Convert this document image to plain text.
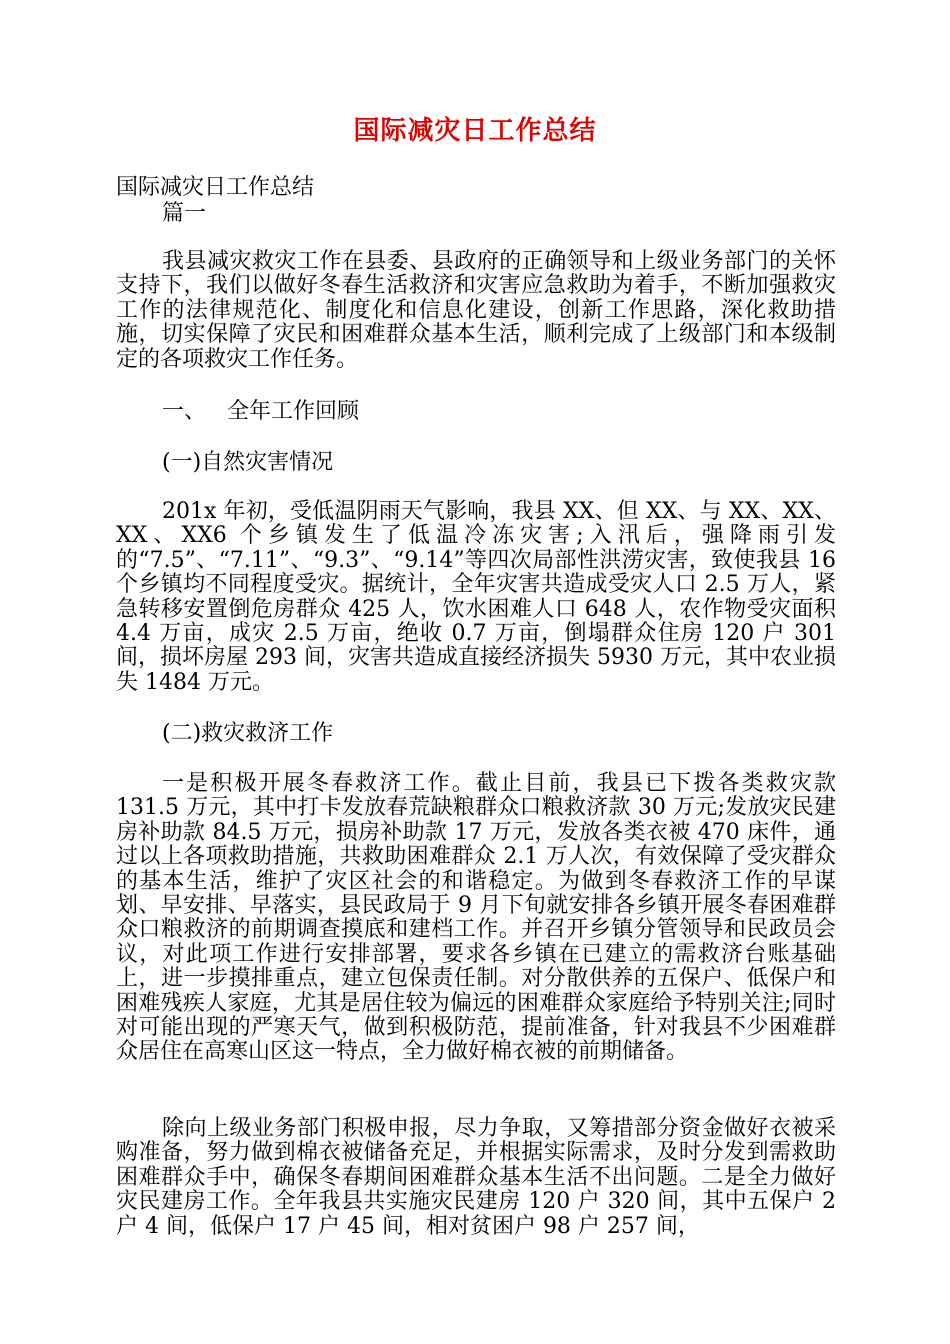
国际减灾日工作总结
国际减灾日工作总结
篇一
我县减灾救灾工作在县委、县政府的正确领导和上级业务部门的关怀支持下，我们以做好冬春生活救济和灾害应急救助为着手，不断加强救灾工作的法律规范化、制度化和信息化建设，创新工作思路，深化救助措施，切实保障了灾民和困难群众基本生活，顺利完成了上级部门和本级制定的各项救灾工作任务。
一、   全年工作回顾
(一)自然灾害情况
201x 年初，受低温阴雨天气影响，我县 XX、但 XX、与 XX、XX、XX、XX6 个乡镇发生了低温冷冻灾害;入汛后，强降雨引发的“7.5”、“7.11”、“9.3”、“9.14”等四次局部性洪涝灾害，致使我县 16 个乡镇均不同程度受灾。据统计，全年灾害共造成受灾人口 2.5 万人，紧急转移安置倒危房群众 425 人，饮水困难人口 648 人，农作物受灾面积 4.4 万亩，成灾 2.5 万亩，绝收 0.7 万亩，倒塌群众住房 120 户 301 间，损坏房屋 293 间，灾害共造成直接经济损失 5930 万元，其中农业损失 1484 万元。
(二)救灾救济工作
一是积极开展冬春救济工作。截止目前，我县已下拨各类救灾款 131.5 万元，其中打卡发放春荒缺粮群众口粮救济款 30 万元;发放灾民建房补助款 84.5 万元，损房补助款 17 万元，发放各类衣被 470 床件，通过以上各项救助措施，共救助困难群众 2.1 万人次，有效保障了受灾群众的基本生活，维护了灾区社会的和谐稳定。为做到冬春救济工作的早谋划、早安排、早落实，县民政局于 9 月下旬就安排各乡镇开展冬春困难群众口粮救济的前期调查摸底和建档工作。并召开乡镇分管领导和民政员会议，对此项工作进行安排部署，要求各乡镇在已建立的需救济台账基础上，进一步摸排重点，建立包保责任制。对分散供养的五保户、低保户和困难残疾人家庭，尤其是居住较为偏远的困难群众家庭给予特别关注;同时对可能出现的严寒天气，做到积极防范，提前准备，针对我县不少困难群众居住在高寒山区这一特点，全力做好棉衣被的前期储备。
除向上级业务部门积极申报，尽力争取，又筹措部分资金做好衣被采购准备，努力做到棉衣被储备充足，并根据实际需求，及时分发到需救助困难群众手中，确保冬春期间困难群众基本生活不出问题。二是全力做好灾民建房工作。全年我县共实施灾民建房 120 户 320 间，其中五保户 2 户 4 间，低保户 17 户 45 间，相对贫困户 98 户 257 间，
